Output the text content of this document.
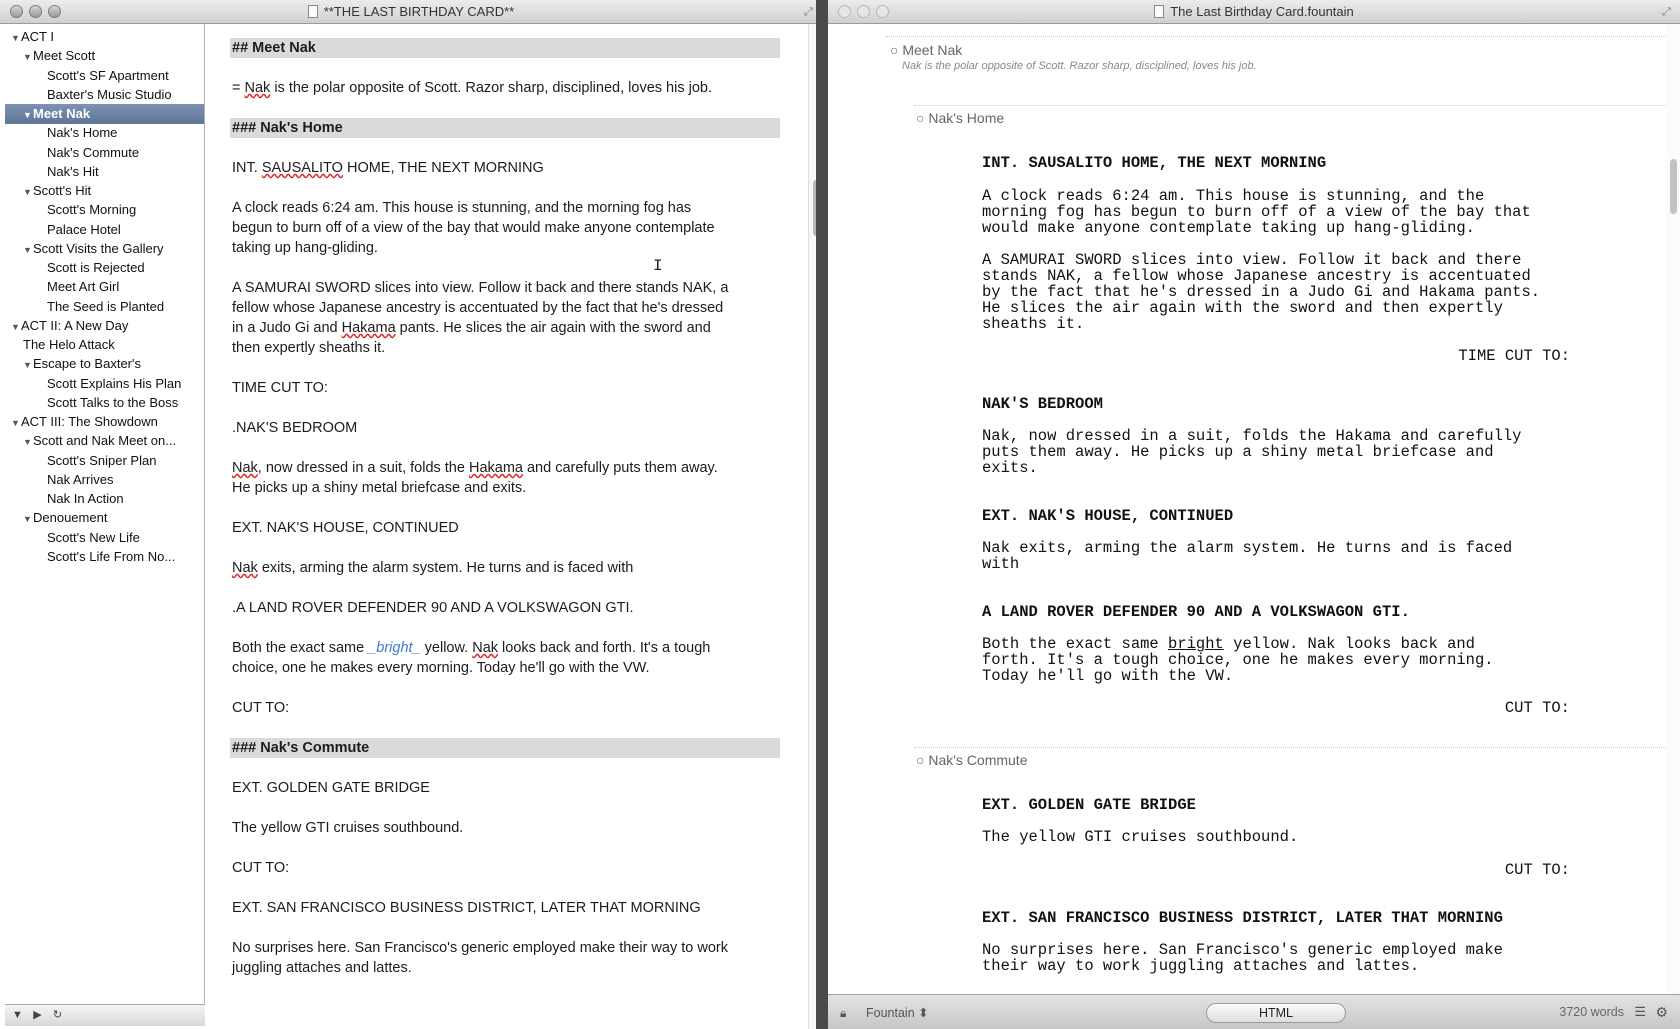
**THE LAST BIRTHDAY CARD**	⤢
▼ACT I
▼Meet Scott
Scott's SF Apartment
Baxter's Music Studio
▼Meet Nak
Nak's Home
Nak's Commute
Nak's Hit
▼Scott's Hit
Scott's Morning
Palace Hotel
▼Scott Visits the Gallery
Scott is Rejected
Meet Art Girl
The Seed is Planted
▼ACT II: A New Day
The Helo Attack
▼Escape to Baxter's
Scott Explains His Plan
Scott Talks to the Boss
▼ACT III: The Showdown
▼Scott and Nak Meet on...
Scott's Sniper Plan
Nak Arrives
Nak In Action
▼Denouement
Scott's New Life
Scott's Life From No...
▼ ▶	↻
## Meet Nak
= Nak is the polar opposite of Scott. Razor sharp, disciplined, loves his job.
### Nak's Home
INT. SAUSALITO HOME, THE NEXT MORNING
A clock reads 6:24 am. This house is stunning, and the morning fog has
begun to burn off of a view of the bay that would make anyone contemplate
taking up hang-gliding.
A SAMURAI SWORD slices into view. Follow it back and there stands NAK, a
fellow whose Japanese ancestry is accentuated by the fact that he's dressed
in a Judo Gi and Hakama pants. He slices the air again with the sword and
then expertly sheaths it.
TIME CUT TO:
.NAK'S BEDROOM
Nak, now dressed in a suit, folds the Hakama and carefully puts them away.
He picks up a shiny metal briefcase and exits.
EXT. NAK'S HOUSE, CONTINUED
Nak exits, arming the alarm system. He turns and is faced with
.A LAND ROVER DEFENDER 90 AND A VOLKSWAGON GTI.
Both the exact same _bright_ yellow. Nak looks back and forth. It's a tough
choice, one he makes every morning. Today he'll go with the VW.
CUT TO:
### Nak's Commute
EXT. GOLDEN GATE BRIDGE
The yellow GTI cruises southbound.
CUT TO:
EXT. SAN FRANCISCO BUSINESS DISTRICT, LATER THAT MORNING
No surprises here. San Francisco's generic employed make their way to work
juggling attaches and lattes.
I
The Last Birthday Card.fountain	⤢
○ Meet Nak
Nak is the polar opposite of Scott. Razor sharp, disciplined, loves his job.
○ Nak's Home
INT. SAUSALITO HOME, THE NEXT MORNING
A clock reads 6:24 am. This house is stunning, and the
morning fog has begun to burn off of a view of the bay that
would make anyone contemplate taking up hang-gliding.
A SAMURAI SWORD slices into view. Follow it back and there
stands NAK, a fellow whose Japanese ancestry is accentuated
by the fact that he's dressed in a Judo Gi and Hakama pants.
He slices the air again with the sword and then expertly
sheaths it.
TIME CUT TO:
NAK'S BEDROOM
Nak, now dressed in a suit, folds the Hakama and carefully
puts them away. He picks up a shiny metal briefcase and
exits.
EXT. NAK'S HOUSE, CONTINUED
Nak exits, arming the alarm system. He turns and is faced
with
A LAND ROVER DEFENDER 90 AND A VOLKSWAGON GTI.
Both the exact same bright yellow. Nak looks back and
forth. It's a tough choice, one he makes every morning.
Today he'll go with the VW.
CUT TO:
○ Nak's Commute
EXT. GOLDEN GATE BRIDGE
The yellow GTI cruises southbound.
CUT TO:
EXT. SAN FRANCISCO BUSINESS DISTRICT, LATER THAT MORNING
No surprises here. San Francisco's generic employed make
their way to work juggling attaches and lattes.
🔒︎ Fountain ⬍	HTML	3720 words ☰ ⚙
